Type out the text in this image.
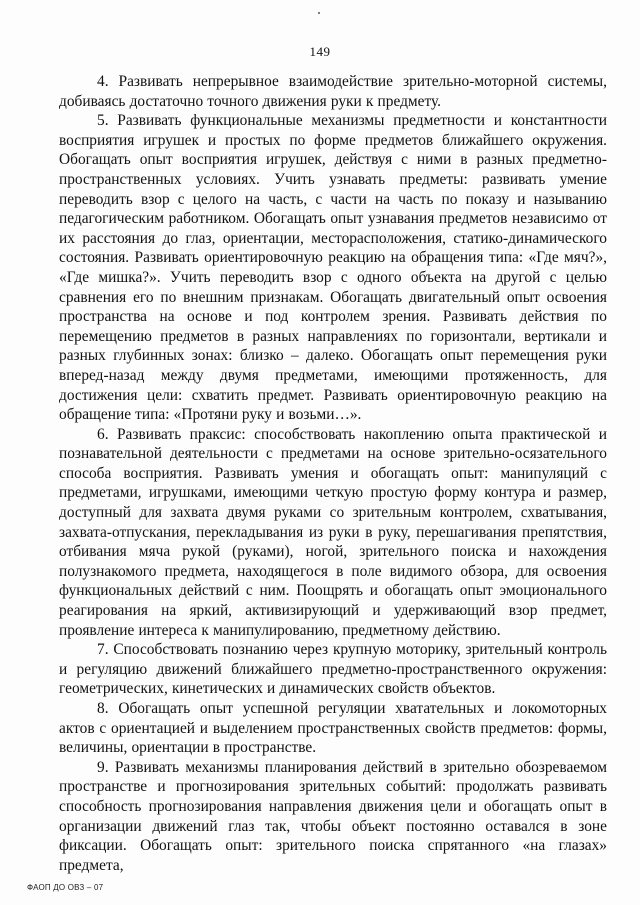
149

4. Развивать непрерывное взаимодействие зрительно-моторной системы, добиваясь достаточно точного движения руки к предмету.

5. Развивать функциональные механизмы предметности и константности восприятия игрушек и простых по форме предметов ближайшего окружения. Обогащать опыт восприятия игрушек, действуя с ними в разных предметно-пространственных условиях. Учить узнавать предметы: развивать умение переводить взор с целого на часть, с части на часть по показу и называнию педагогическим работником. Обогащать опыт узнавания предметов независимо от их расстояния до глаз, ориентации, месторасположения, статико-динамического состояния. Развивать ориентировочную реакцию на обращения типа: «Где мяч?», «Где мишка?». Учить переводить взор с одного объекта на другой с целью сравнения его по внешним признакам. Обогащать двигательный опыт освоения пространства на основе и под контролем зрения. Развивать действия по перемещению предметов в разных направлениях по горизонтали, вертикали и разных глубинных зонах: близко – далеко. Обогащать опыт перемещения руки вперед-назад между двумя предметами, имеющими протяженность, для достижения цели: схватить предмет. Развивать ориентировочную реакцию на обращение типа: «Протяни руку и возьми…».

6. Развивать праксис: способствовать накоплению опыта практической и познавательной деятельности с предметами на основе зрительно-осязательного способа восприятия. Развивать умения и обогащать опыт: манипуляций с предметами, игрушками, имеющими четкую простую форму контура и размер, доступный для захвата двумя руками со зрительным контролем, схватывания, захвата-отпускания, перекладывания из руки в руку, перешагивания препятствия, отбивания мяча рукой (руками), ногой, зрительного поиска и нахождения полузнакомого предмета, находящегося в поле видимого обзора, для освоения функциональных действий с ним. Поощрять и обогащать опыт эмоционального реагирования на яркий, активизирующий и удерживающий взор предмет, проявление интереса к манипулированию, предметному действию.

7. Способствовать познанию через крупную моторику, зрительный контроль и регуляцию движений ближайшего предметно-пространственного окружения: геометрических, кинетических и динамических свойств объектов.

8. Обогащать опыт успешной регуляции хватательных и локомоторных актов с ориентацией и выделением пространственных свойств предметов: формы, величины, ориентации в пространстве.

9. Развивать механизмы планирования действий в зрительно обозреваемом пространстве и прогнозирования зрительных событий: продолжать развивать способность прогнозирования направления движения цели и обогащать опыт в организации движений глаз так, чтобы объект постоянно оставался в зоне фиксации. Обогащать опыт: зрительного поиска спрятанного «на глазах» предмета,

ФАОП ДО ОВЗ – 07
